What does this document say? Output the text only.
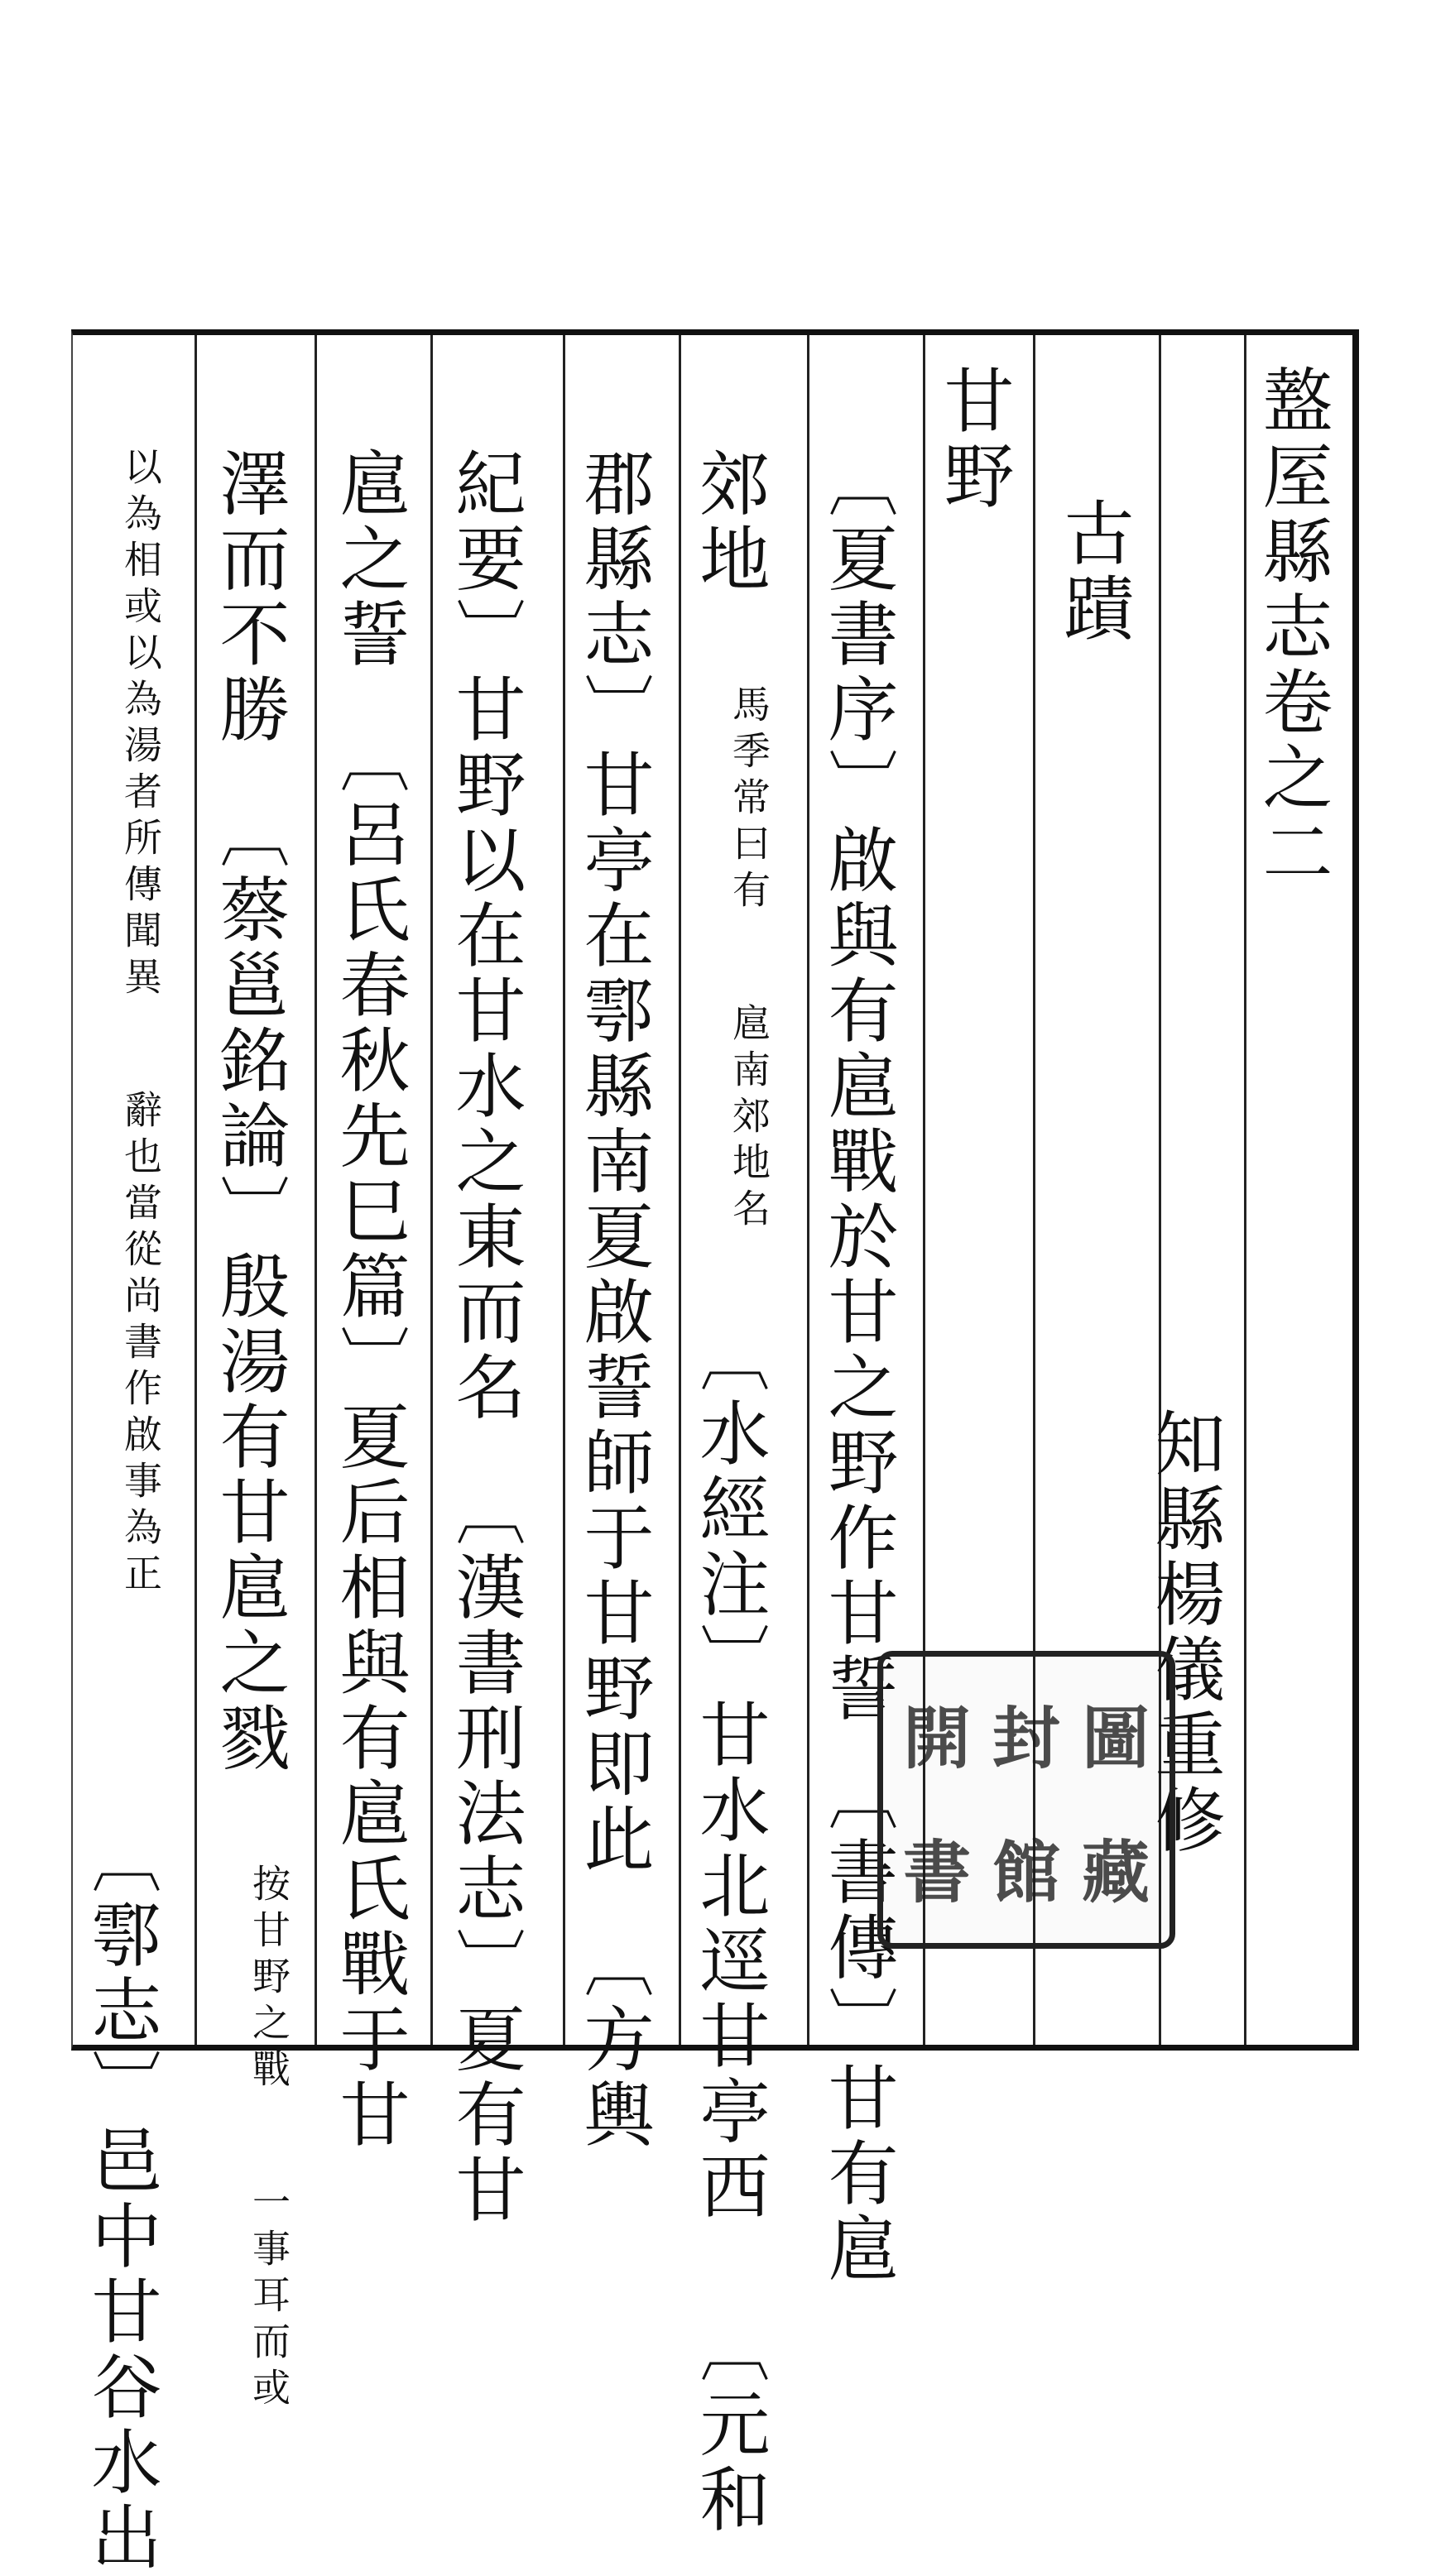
盩厔縣志卷之二
知縣楊儀重修
古蹟
甘野
〔夏書序〕啟與有扈戰於甘之野作甘誓〔書傳〕甘有扈
郊地 馬季常曰有 扈南郊地名 〔水經注〕甘水北逕甘亭西 〔元和
郡縣志〕甘亭在鄠縣南夏啟誓師于甘野即此〔方輿
紀要〕甘野以在甘水之東而名〔漢書刑法志〕夏有甘
扈之誓〔呂氏春秋先巳篇〕夏后相與有扈氏戰于甘
澤而不勝〔蔡邕銘論〕殷湯有甘扈之戮 按甘野之戰 一事耳而或
以為相或以為湯者所傳聞異 辭也當從尚書作啟事為正  〔鄠志〕邑中甘谷水出
開 封 圖
書 館 藏
